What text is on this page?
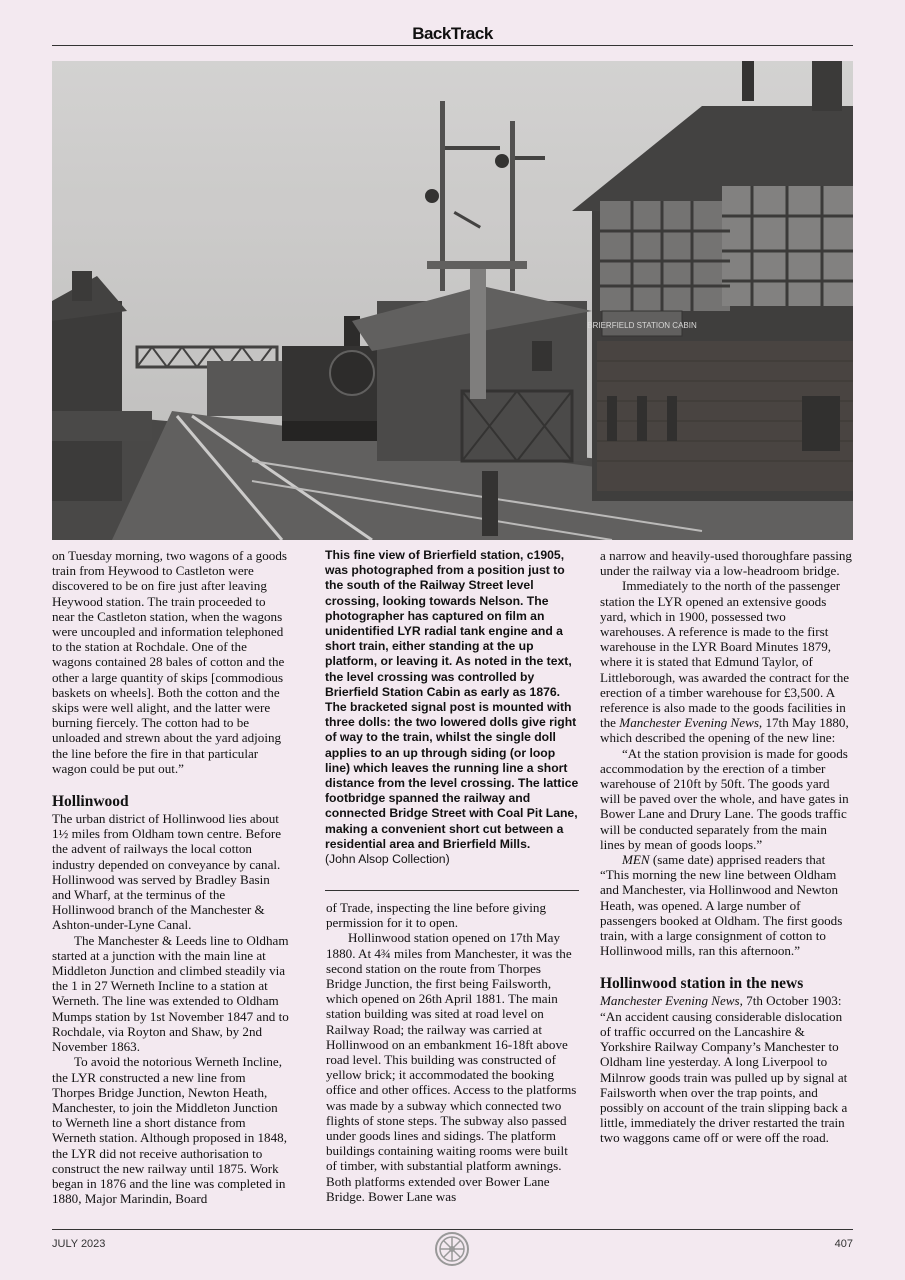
BackTrack
BRIERFIELD STATION CABIN

on Tuesday morning, two wagons of a goods train from Heywood to Castleton were discovered to be on fire just after leaving Heywood station. The train proceeded to near the Castleton station, when the wagons were uncoupled and information telephoned to the station at Rochdale. One of the wagons contained 28 bales of cotton and the other a large quantity of skips [commodious baskets on wheels]. Both the cotton and the skips were well alight, and the latter were burning fiercely. The cotton had to be unloaded and strewn about the yard adjoing the line before the fire in that particular wagon could be put out.”

Hollinwood

The urban district of Hollinwood lies about 1½ miles from Oldham town centre. Before the advent of railways the local cotton industry depended on conveyance by canal. Hollinwood was served by Bradley Basin and Wharf, at the terminus of the Hollinwood branch of the Manchester & Ashton-under-Lyne Canal.

The Manchester & Leeds line to Oldham started at a junction with the main line at Middleton Junction and climbed steadily via the 1 in 27 Werneth Incline to a station at Werneth. The line was extended to Oldham Mumps station by 1st November 1847 and to Rochdale, via Royton and Shaw, by 2nd November 1863.

To avoid the notorious Werneth Incline, the LYR constructed a new line from Thorpes Bridge Junction, Newton Heath, Manchester, to join the Middleton Junction to Werneth line a short distance from Werneth station. Although proposed in 1848, the LYR did not receive authorisation to construct the new railway until 1875. Work began in 1876 and the line was completed in 1880, Major Marindin, Board

This fine view of Brierfield station, c1905, was photographed from a position just to the south of the Railway Street level crossing, looking towards Nelson. The photographer has captured on film an unidentified LYR radial tank engine and a short train, either standing at the up platform, or leaving it. As noted in the text, the level crossing was controlled by Brierfield Station Cabin as early as 1876. The bracketed signal post is mounted with three dolls: the two lowered dolls give right of way to the train, whilst the single doll applies to an up through siding (or loop line) which leaves the running line a short distance from the level crossing. The lattice footbridge spanned the railway and connected Bridge Street with Coal Pit Lane, making a convenient short cut between a residential area and Brierfield Mills.

(John Alsop Collection)

of Trade, inspecting the line before giving permission for it to open.

Hollinwood station opened on 17th May 1880. At 4¾ miles from Manchester, it was the second station on the route from Thorpes Bridge Junction, the first being Failsworth, which opened on 26th April 1881. The main station building was sited at road level on Railway Road; the railway was carried at Hollinwood on an embankment 16-18ft above road level. This building was constructed of yellow brick; it accommodated the booking office and other offices. Access to the platforms was made by a subway which connected two flights of stone steps. The subway also passed under goods lines and sidings. The platform buildings containing waiting rooms were built of timber, with substantial platform awnings. Both platforms extended over Bower Lane Bridge. Bower Lane was

a narrow and heavily-used thoroughfare passing under the railway via a low-headroom bridge.

Immediately to the north of the passenger station the LYR opened an extensive goods yard, which in 1900, possessed two warehouses. A reference is made to the first warehouse in the LYR Board Minutes 1879, where it is stated that Edmund Taylor, of Littleborough, was awarded the contract for the erection of a timber warehouse for £3,500. A reference is also made to the goods facilities in the Manchester Evening News, 17th May 1880, which described the opening of the new line:

“At the station provision is made for goods accommodation by the erection of a timber warehouse of 210ft by 50ft. The goods yard will be paved over the whole, and have gates in Bower Lane and Drury Lane. The goods traffic will be conducted separately from the main lines by mean of goods loops.”

MEN (same date) apprised readers that “This morning the new line between Oldham and Manchester, via Hollinwood and Newton Heath, was opened. A large number of passengers booked at Oldham. The first goods train, with a large consignment of cotton to Hollinwood mills, ran this afternoon.”

Hollinwood station in the news

Manchester Evening News, 7th October 1903: “An accident causing considerable dislocation of traffic occurred on the Lancashire & Yorkshire Railway Company’s Manchester to Oldham line yesterday. A long Liverpool to Milnrow goods train was pulled up by signal at Failsworth when over the trap points, and possibly on account of the train slipping back a little, immediately the driver restarted the train two waggons came off or were off the road.

JULY 2023	407
